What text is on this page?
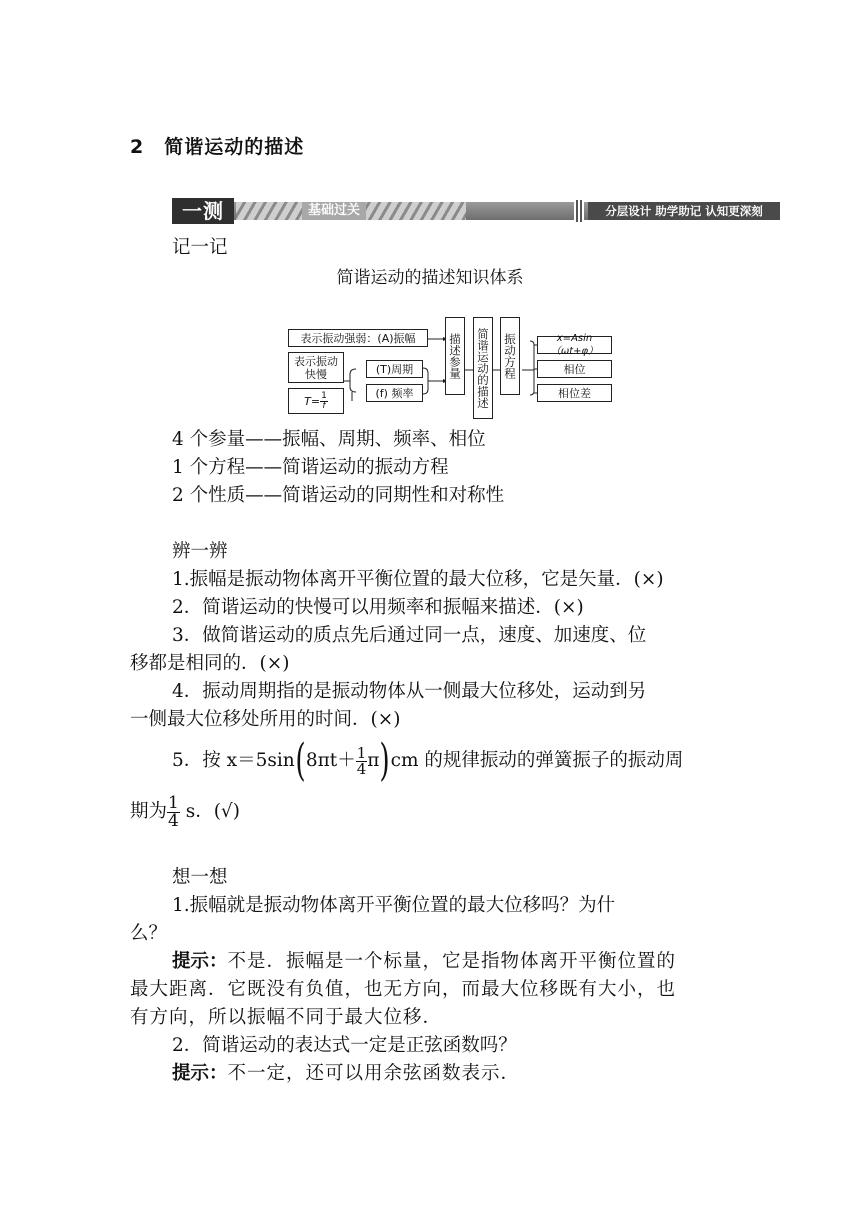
2 简谐运动的描述
一测	基础过关	分层设计 助学助记 认知更深刻
记一记
简谐运动的描述知识体系
表示振动强弱：(A)振幅
表示振动快慢	(T)周期
(f) 频率
$T= \frac{1}{f}$
描述参量 简谐运动的描述 振动方程	x=Asin（ωt+φ）
相位
相位差
4 个参量——振幅、周期、频率、相位
1 个方程——简谐运动的振动方程
2 个性质——简谐运动的同期性和对称性
辨一辨
1.振幅是振动物体离开平衡位置的最大位移，它是矢量．(×)
2．简谐运动的快慢可以用频率和振幅来描述．(×)
3．做简谐运动的质点先后通过同一点，速度、加速度、位
移都是相同的．(×)
4．振动周期指的是振动物体从一侧最大位移处，运动到另
一侧最大位移处所用的时间．(×)
5．按 x＝5sin ( $8\pi t+ \frac{1}{4}$ π ) cm 的规律振动的弹簧振子的振动周
期为 $\frac{1}{4}$ s．(√)
想一想
1.振幅就是振动物体离开平衡位置的最大位移吗？为什
么？
提示：不是．振幅是一个标量，它是指物体离开平衡位置的
最大距离．它既没有负值，也无方向，而最大位移既有大小，也
有方向，所以振幅不同于最大位移．
2．简谐运动的表达式一定是正弦函数吗？
提示：不一定，还可以用余弦函数表示．
